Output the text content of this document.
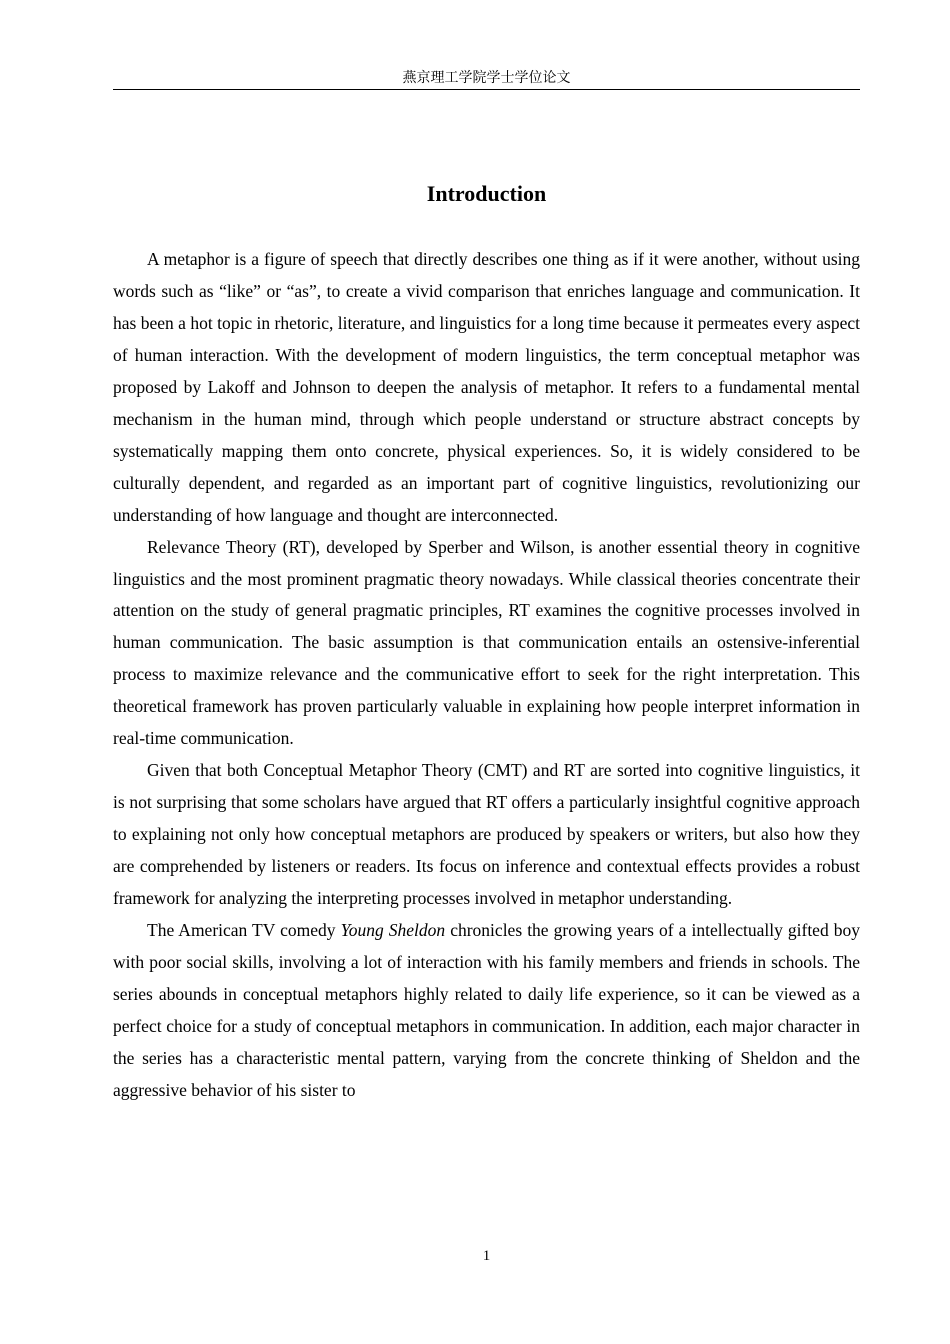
燕京理工学院学士学位论文
Introduction

A metaphor is a figure of speech that directly describes one thing as if it were another, without using words such as “like” or “as”, to create a vivid comparison that enriches language and communication. It has been a hot topic in rhetoric, literature, and linguistics for a long time because it permeates every aspect of human interaction. With the development of modern linguistics, the term conceptual metaphor was proposed by Lakoff and Johnson to deepen the analysis of metaphor. It refers to a fundamental mental mechanism in the human mind, through which people understand or structure abstract concepts by systematically mapping them onto concrete, physical experiences. So, it is widely considered to be culturally dependent, and regarded as an important part of cognitive linguistics, revolutionizing our understanding of how language and thought are interconnected.

Relevance Theory (RT), developed by Sperber and Wilson, is another essential theory in cognitive linguistics and the most prominent pragmatic theory nowadays. While classical theories concentrate their attention on the study of general pragmatic principles, RT examines the cognitive processes involved in human communication. The basic assumption is that communication entails an ostensive-inferential process to maximize relevance and the communicative effort to seek for the right interpretation. This theoretical framework has proven particularly valuable in explaining how people interpret information in real-time communication.

Given that both Conceptual Metaphor Theory (CMT) and RT are sorted into cognitive linguistics, it is not surprising that some scholars have argued that RT offers a particularly insightful cognitive approach to explaining not only how conceptual metaphors are produced by speakers or writers, but also how they are comprehended by listeners or readers. Its focus on inference and contextual effects provides a robust framework for analyzing the interpreting processes involved in metaphor understanding.

The American TV comedy Young Sheldon chronicles the growing years of a intellectually gifted boy with poor social skills, involving a lot of interaction with his family members and friends in schools. The series abounds in conceptual metaphors highly related to daily life experience, so it can be viewed as a perfect choice for a study of conceptual metaphors in communication. In addition, each major character in the series has a characteristic mental pattern, varying from the concrete thinking of Sheldon and the aggressive behavior of his sister to

1
